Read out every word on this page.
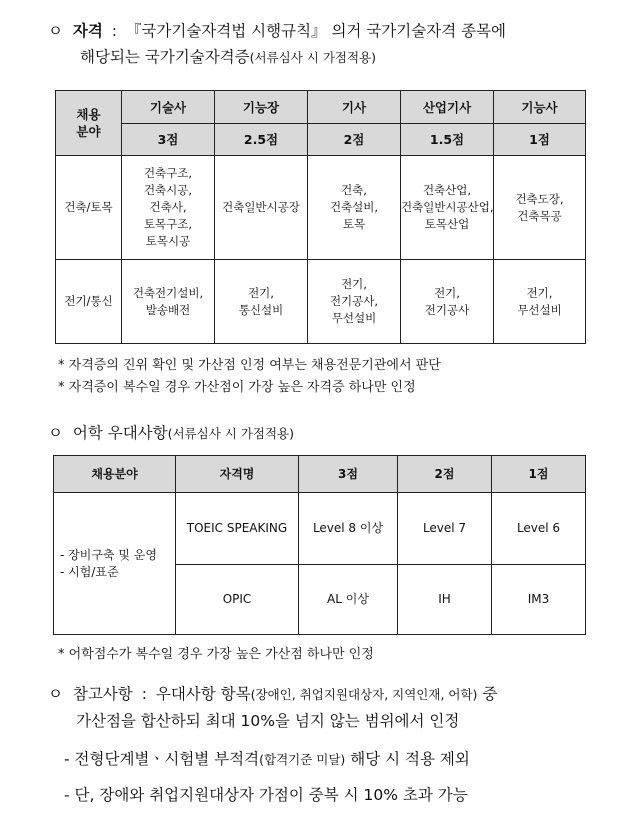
ㅇ 자격 : 『국가기술자격법 시행규칙』 의거 국가기술자격 종목에
해당되는 국가기술자격증(서류심사 시 가점적용)
채용
분야	기술사	기능장	기사	산업기사	기능사
	3점	2.5점	2점	1.5점	1점
건축/토목	건축구조,
건축시공,
건축사,
토목구조,
토목시공	건축일반시공장	건축,
건축설비,
토목	건축산업,
건축일반시공산업,
토목산업	건축도장,
건축목공
전기/통신	건축전기설비,
발송배전	전기,
통신설비	전기,
전기공사,
무선설비	전기,
전기공사	전기,
무선설비
* 자격증의 진위 확인 및 가산점 인정 여부는 채용전문기관에서 판단
* 자격증이 복수일 경우 가산점이 가장 높은 자격증 하나만 인정
ㅇ 어학 우대사항(서류심사 시 가점적용)
채용분야	자격명	3점	2점	1점
- 장비구축 및 운영
- 시험/표준	TOEIC SPEAKING	Level 8 이상	Level 7	Level 6
	OPIC	AL 이상	IH	IM3
* 어학점수가 복수일 경우 가장 높은 가산점 하나만 인정
ㅇ 참고사항 : 우대사항 항목(장애인, 취업지원대상자, 지역인재, 어학) 중
가산점을 합산하되 최대 10%을 넘지 않는 범위에서 인정
- 전형단계별ㆍ시험별 부적격(합격기준 미달) 해당 시 적용 제외
- 단, 장애와 취업지원대상자 가점이 중복 시 10% 초과 가능
